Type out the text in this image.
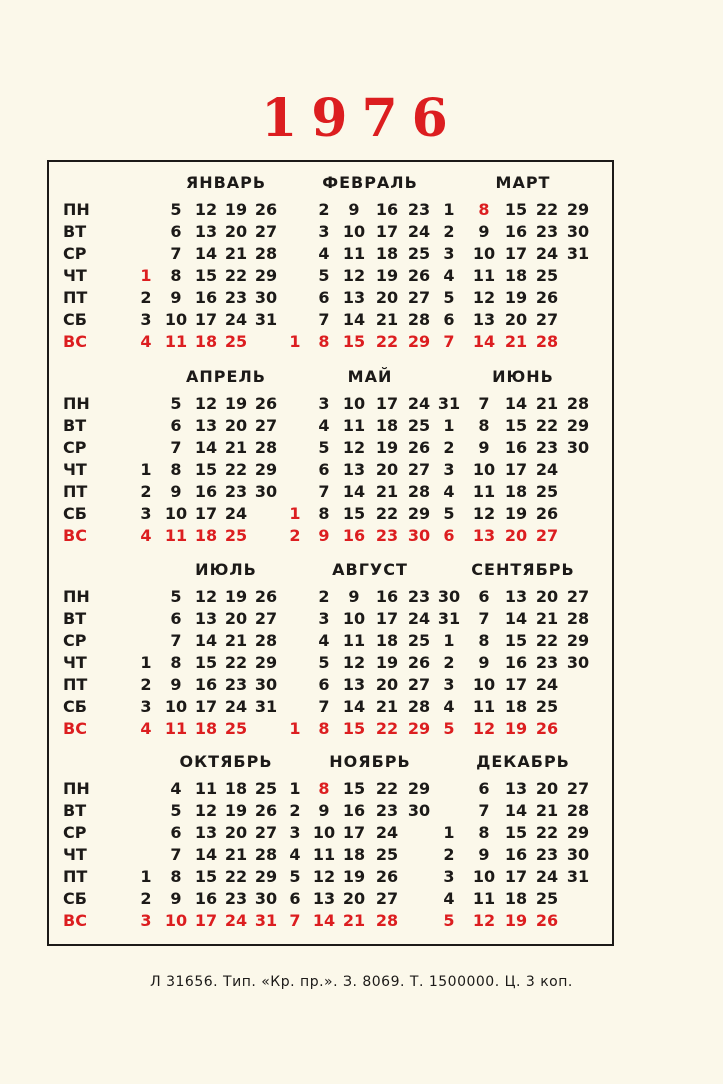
1976
ПН
ВТ
СР
ЧТ
ПТ
СБ
ВС
ЯНВАРЬ
1
2
3
4
5
6
7
8
9
10
11
12
13
14
15
16
17
18
19
20
21
22
23
24
25
26
27
28
29
30
31
ФЕВРАЛЬ
1
2
3
4
5
6
7
8
9
10
11
12
13
14
15
16
17
18
19
20
21
22
23
24
25
26
27
28
29
МАРТ
1
2
3
4
5
6
7
8
9
10
11
12
13
14
15
16
17
18
19
20
21
22
23
24
25
26
27
28
29
30
31
ПН
ВТ
СР
ЧТ
ПТ
СБ
ВС
АПРЕЛЬ
1
2
3
4
5
6
7
8
9
10
11
12
13
14
15
16
17
18
19
20
21
22
23
24
25
26
27
28
29
30
МАЙ
1
2
3
4
5
6
7
8
9
10
11
12
13
14
15
16
17
18
19
20
21
22
23
24
25
26
27
28
29
30
31
ИЮНЬ
1
2
3
4
5
6
7
8
9
10
11
12
13
14
15
16
17
18
19
20
21
22
23
24
25
26
27
28
29
30
ПН
ВТ
СР
ЧТ
ПТ
СБ
ВС
ИЮЛЬ
1
2
3
4
5
6
7
8
9
10
11
12
13
14
15
16
17
18
19
20
21
22
23
24
25
26
27
28
29
30
31
АВГУСТ
1
2
3
4
5
6
7
8
9
10
11
12
13
14
15
16
17
18
19
20
21
22
23
24
25
26
27
28
29
30
31
СЕНТЯБРЬ
1
2
3
4
5
6
7
8
9
10
11
12
13
14
15
16
17
18
19
20
21
22
23
24
25
26
27
28
29
30
ПН
ВТ
СР
ЧТ
ПТ
СБ
ВС
ОКТЯБРЬ
1
2
3
4
5
6
7
8
9
10
11
12
13
14
15
16
17
18
19
20
21
22
23
24
25
26
27
28
29
30
31
НОЯБРЬ
1
2
3
4
5
6
7
8
9
10
11
12
13
14
15
16
17
18
19
20
21
22
23
24
25
26
27
28
29
30
ДЕКАБРЬ
1
2
3
4
5
6
7
8
9
10
11
12
13
14
15
16
17
18
19
20
21
22
23
24
25
26
27
28
29
30
31
Л 31656. Тип. «Кр. пр.». З. 8069. Т. 1500000. Ц. 3 коп.
